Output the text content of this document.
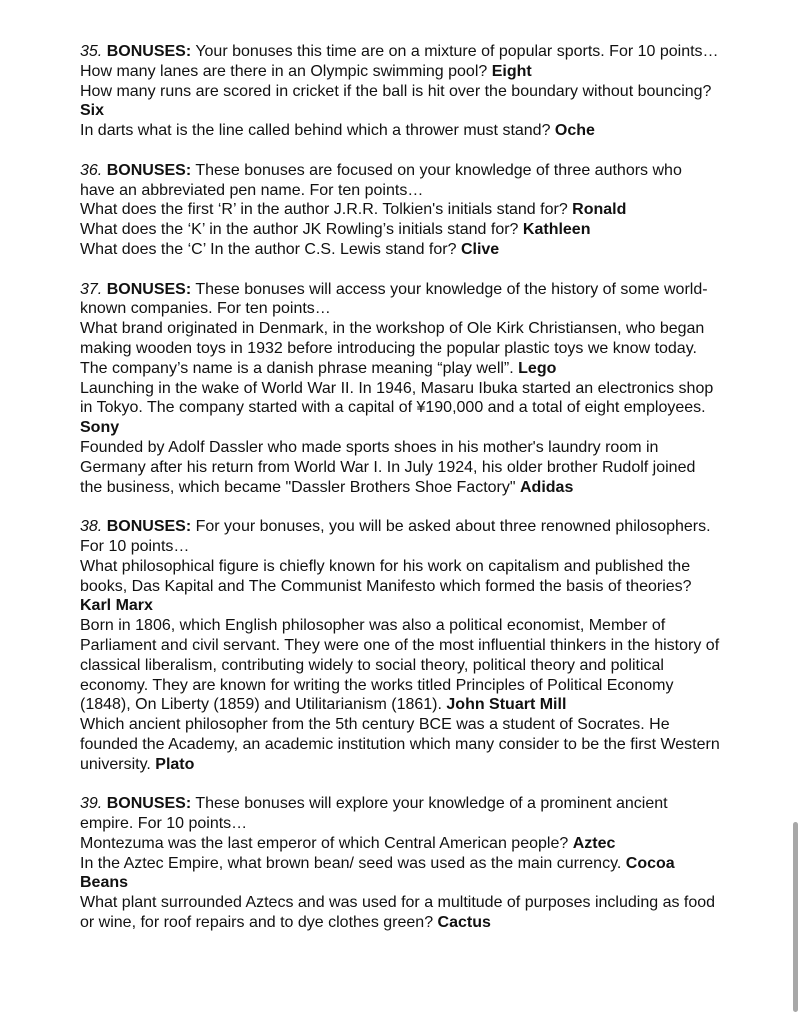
35. BONUSES: Your bonuses this time are on a mixture of popular sports. For 10 points…
How many lanes are there in an Olympic swimming pool? Eight
How many runs are scored in cricket if the ball is hit over the boundary without bouncing? Six
In darts what is the line called behind which a thrower must stand? Oche
36. BONUSES: These bonuses are focused on your knowledge of three authors who have an abbreviated pen name. For ten points…
What does the first ‘R’ in the author J.R.R. Tolkien's initials stand for? Ronald
What does the ‘K’ in the author JK Rowling’s initials stand for? Kathleen
What does the ‘C’ In the author C.S. Lewis stand for? Clive
37. BONUSES: These bonuses will access your knowledge of the history of some world-known companies. For ten points…
What brand originated in Denmark, in the workshop of Ole Kirk Christiansen, who began making wooden toys in 1932 before introducing the popular plastic toys we know today. The company’s name is a danish phrase meaning “play well”. Lego
Launching in the wake of World War II. In 1946, Masaru Ibuka started an electronics shop in Tokyo. The company started with a capital of ¥190,000 and a total of eight employees. Sony
Founded by Adolf Dassler who made sports shoes in his mother's laundry room in Germany after his return from World War I. In July 1924, his older brother Rudolf joined the business, which became "Dassler Brothers Shoe Factory" Adidas
38. BONUSES: For your bonuses, you will be asked about three renowned philosophers. For 10 points…
What philosophical figure is chiefly known for his work on capitalism and published the books, Das Kapital and The Communist Manifesto which formed the basis of theories? Karl Marx
Born in 1806, which English philosopher was also a political economist, Member of Parliament and civil servant. They were one of the most influential thinkers in the history of classical liberalism, contributing widely to social theory, political theory and political economy. They are known for writing the works titled Principles of Political Economy (1848), On Liberty (1859) and Utilitarianism (1861). John Stuart Mill
Which ancient philosopher from the 5th century BCE was a student of Socrates. He founded the Academy, an academic institution which many consider to be the first Western university. Plato
39. BONUSES: These bonuses will explore your knowledge of a prominent ancient empire. For 10 points…
Montezuma was the last emperor of which Central American people? Aztec
In the Aztec Empire, what brown bean/ seed was used as the main currency. Cocoa Beans
What plant surrounded Aztecs and was used for a multitude of purposes including as food or wine, for roof repairs and to dye clothes green? Cactus
